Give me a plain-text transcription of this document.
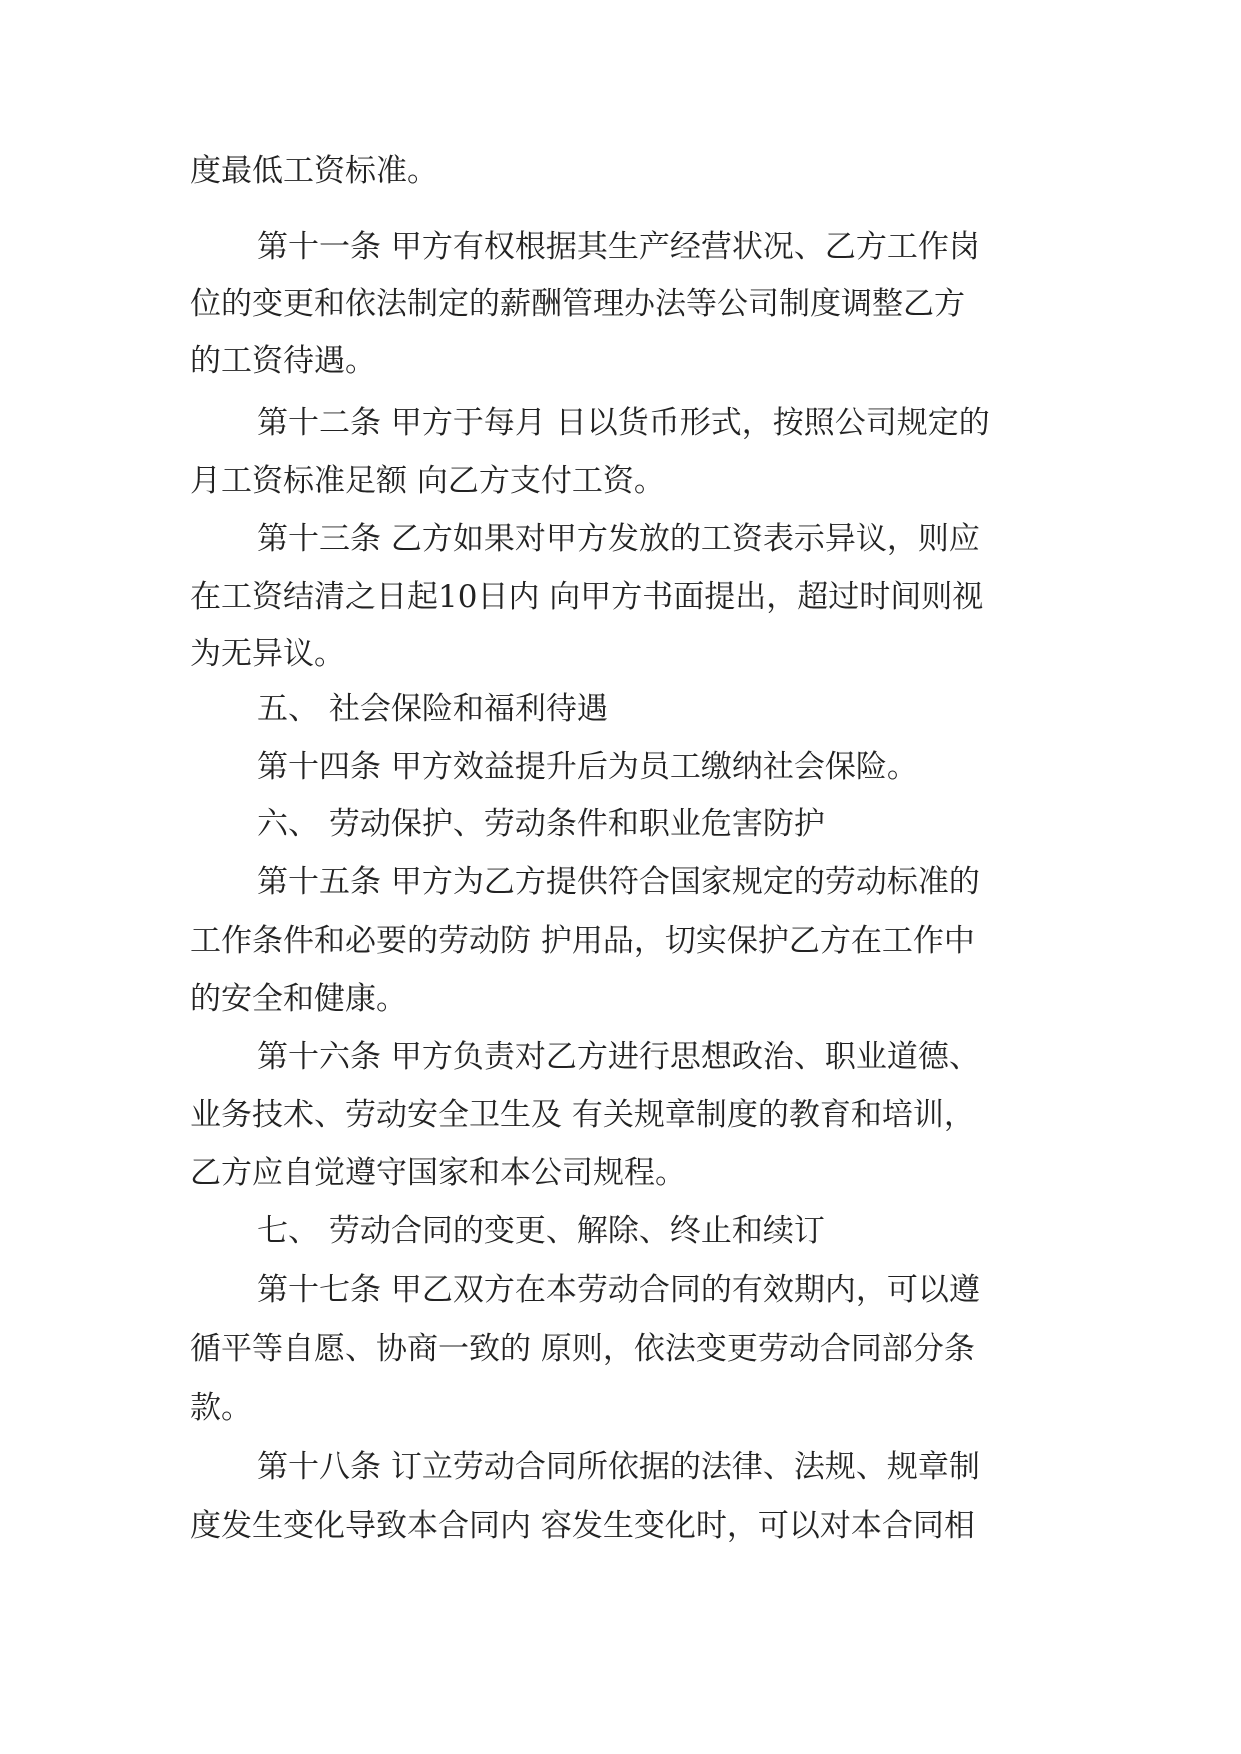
度最低工资标准。
第十一条 甲方有权根据其生产经营状况、乙方工作岗
位的变更和依法制定的薪酬管理办法等公司制度调整乙方
的工资待遇。
第十二条 甲方于每月 日以货币形式，按照公司规定的
月工资标准足额 向乙方支付工资。
第十三条 乙方如果对甲方发放的工资表示异议，则应
在工资结清之日起10日内 向甲方书面提出，超过时间则视
为无异议。
五、 社会保险和福利待遇
第十四条 甲方效益提升后为员工缴纳社会保险。
六、 劳动保护、劳动条件和职业危害防护
第十五条 甲方为乙方提供符合国家规定的劳动标准的
工作条件和必要的劳动防 护用品，切实保护乙方在工作中
的安全和健康。
第十六条 甲方负责对乙方进行思想政治、职业道德、
业务技术、劳动安全卫生及 有关规章制度的教育和培训，
乙方应自觉遵守国家和本公司规程。
七、 劳动合同的变更、解除、终止和续订
第十七条 甲乙双方在本劳动合同的有效期内，可以遵
循平等自愿、协商一致的 原则，依法变更劳动合同部分条
款。
第十八条 订立劳动合同所依据的法律、法规、规章制
度发生变化导致本合同内 容发生变化时，可以对本合同相
